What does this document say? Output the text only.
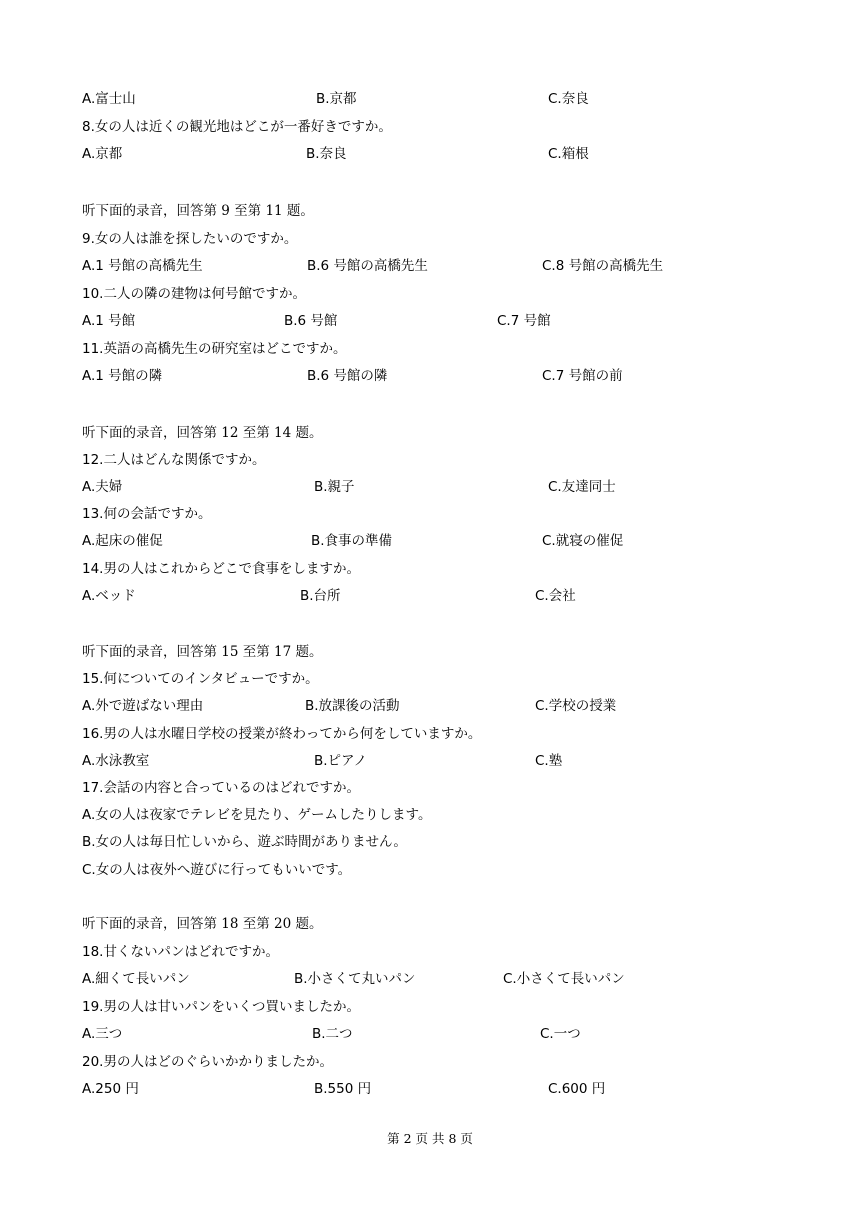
A.富士山	B.京都	C.奈良
8.女の人は近くの観光地はどこが一番好きですか。
A.京都	B.奈良	C.箱根
听下面的录音，回答第 9 至第 11 题。
9.女の人は誰を探したいのですか。
A.1 号館の高橋先生	B.6 号館の高橋先生	C.8 号館の高橋先生
10.二人の隣の建物は何号館ですか。
A.1 号館	B.6 号館	C.7 号館
11.英語の高橋先生の研究室はどこですか。
A.1 号館の隣	B.6 号館の隣	C.7 号館の前
听下面的录音，回答第 12 至第 14 题。
12.二人はどんな関係ですか。
A.夫婦	B.親子	C.友達同士
13.何の会話ですか。
A.起床の催促	B.食事の準備	C.就寝の催促
14.男の人はこれからどこで食事をしますか。
A.ベッド	B.台所	C.会社
听下面的录音，回答第 15 至第 17 题。
15.何についてのインタビューですか。
A.外で遊ばない理由	B.放課後の活動	C.学校の授業
16.男の人は水曜日学校の授業が終わってから何をしていますか。
A.水泳教室	B.ピアノ	C.塾
17.会話の内容と合っているのはどれですか。
A.女の人は夜家でテレビを見たり、ゲームしたりします。
B.女の人は毎日忙しいから、遊ぶ時間がありません。
C.女の人は夜外へ遊びに行ってもいいです。
听下面的录音，回答第 18 至第 20 题。
18.甘くないパンはどれですか。
A.細くて長いパン	B.小さくて丸いパン	C.小さくて長いパン
19.男の人は甘いパンをいくつ買いましたか。
A.三つ	B.二つ	C.一つ
20.男の人はどのぐらいかかりましたか。
A.250 円	B.550 円	C.600 円
第 2 页 共 8 页
